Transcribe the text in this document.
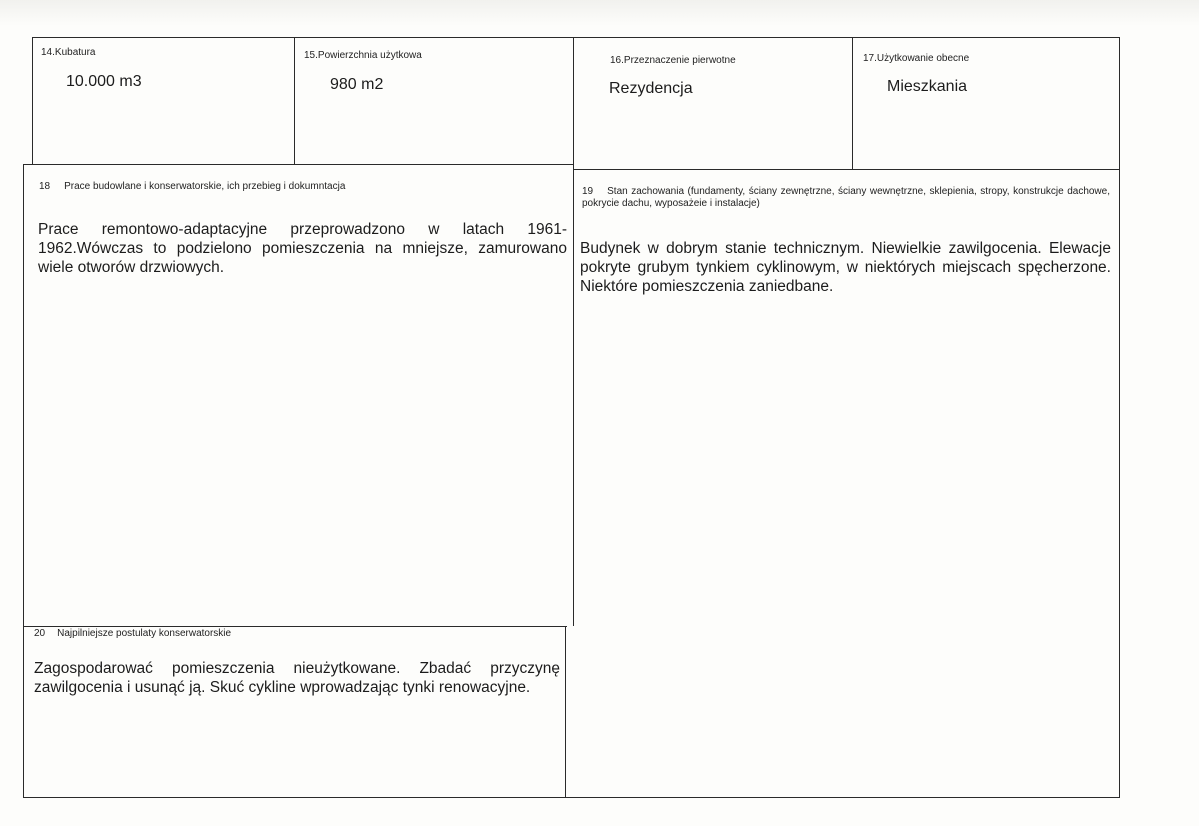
14.Kubatura
10.000 m3
15.Powierzchnia użytkowa
980 m2
16.Przeznaczenie pierwotne
Rezydencja
17.Użytkowanie obecne
Mieszkania
18 Prace budowlane i konserwatorskie, ich przebieg i dokumntacja
Prace remontowo-adaptacyjne przeprowadzono w latach 1961-1962.Wówczas to podzielono pomieszczenia na mniejsze, zamurowano wiele otworów drzwiowych.
19 Stan zachowania (fundamenty, ściany zewnętrzne, ściany wewnętrzne, sklepienia, stropy, konstrukcje dachowe, pokrycie dachu, wyposażeie i instalacje)
Budynek w dobrym stanie technicznym. Niewielkie zawilgocenia. Elewacje pokryte grubym tynkiem cyklinowym, w niektórych miejscach spęcherzone. Niektóre pomieszczenia zaniedbane.
20 Najpilniejsze postulaty konserwatorskie
Zagospodarować pomieszczenia nieużytkowane. Zbadać przyczynę zawilgocenia i usunąć ją. Skuć cykline wprowadzając tynki renowacyjne.
